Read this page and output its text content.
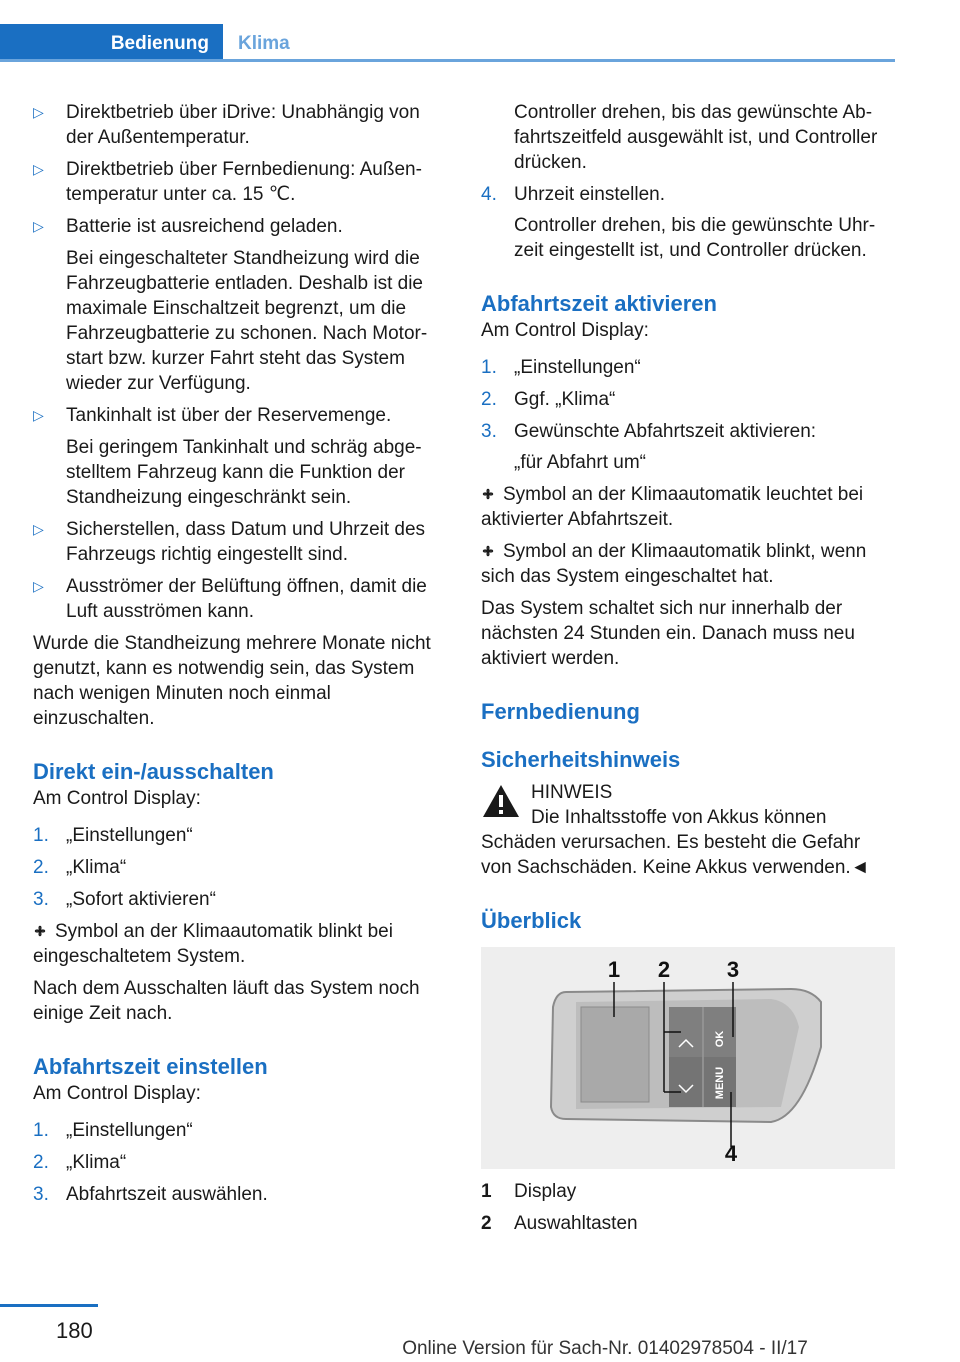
Bedienung	Klima
▷ Direktbetrieb über iDrive: Unabhängig von der Außentemperatur.

▷ Direktbetrieb über Fernbedienung: Außentemperatur unter ca. 15 ℃.

▷ Batterie ist ausreichend geladen.

Bei eingeschalteter Standheizung wird die Fahrzeugbatterie entladen. Deshalb ist die maximale Einschaltzeit begrenzt, um die Fahrzeugbatterie zu schonen. Nach Motorstart bzw. kurzer Fahrt steht das System wieder zur Verfügung.

▷ Tankinhalt ist über der Reservemenge.

Bei geringem Tankinhalt und schräg abgestelltem Fahrzeug kann die Funktion der Standheizung eingeschränkt sein.

▷ Sicherstellen, dass Datum und Uhrzeit des Fahrzeugs richtig eingestellt sind.

▷ Ausströmer der Belüftung öffnen, damit die Luft ausströmen kann.

Wurde die Standheizung mehrere Monate nicht genutzt, kann es notwendig sein, das System nach wenigen Minuten noch einmal einzuschalten.

Direkt ein-/ausschalten

Am Control Display:

1. „Einstellungen“

2. „Klima“

3. „Sofort aktivieren“

Symbol an der Klimaautomatik blinkt bei eingeschaltetem System.

Nach dem Ausschalten läuft das System noch einige Zeit nach.

Abfahrtszeit einstellen

Am Control Display:

1. „Einstellungen“

2. „Klima“

3. Abfahrtszeit auswählen.

Controller drehen, bis das gewünschte Abfahrtszeitfeld ausgewählt ist, und Controller drücken.

4. Uhrzeit einstellen.

Controller drehen, bis die gewünschte Uhrzeit eingestellt ist, und Controller drücken.

Abfahrtszeit aktivieren

Am Control Display:

1. „Einstellungen“

2. Ggf. „Klima“

3. Gewünschte Abfahrtszeit aktivieren:

„für Abfahrt um“

Symbol an der Klimaautomatik leuchtet bei aktivierter Abfahrtszeit.

Symbol an der Klimaautomatik blinkt, wenn sich das System eingeschaltet hat.

Das System schaltet sich nur innerhalb der nächsten 24 Stunden ein. Danach muss neu aktiviert werden.

Fernbedienung
Sicherheitshinweis

HINWEIS

Die Inhaltsstoffe von Akkus können Schäden verursachen. Es besteht die Gefahr von Sachschäden. Keine Akkus verwenden.◄

Überblick
OK
MENU
1 2	3
4
1 Display

2 Auswahltasten

180
Online Version für Sach-Nr. 01402978504 - II/17
